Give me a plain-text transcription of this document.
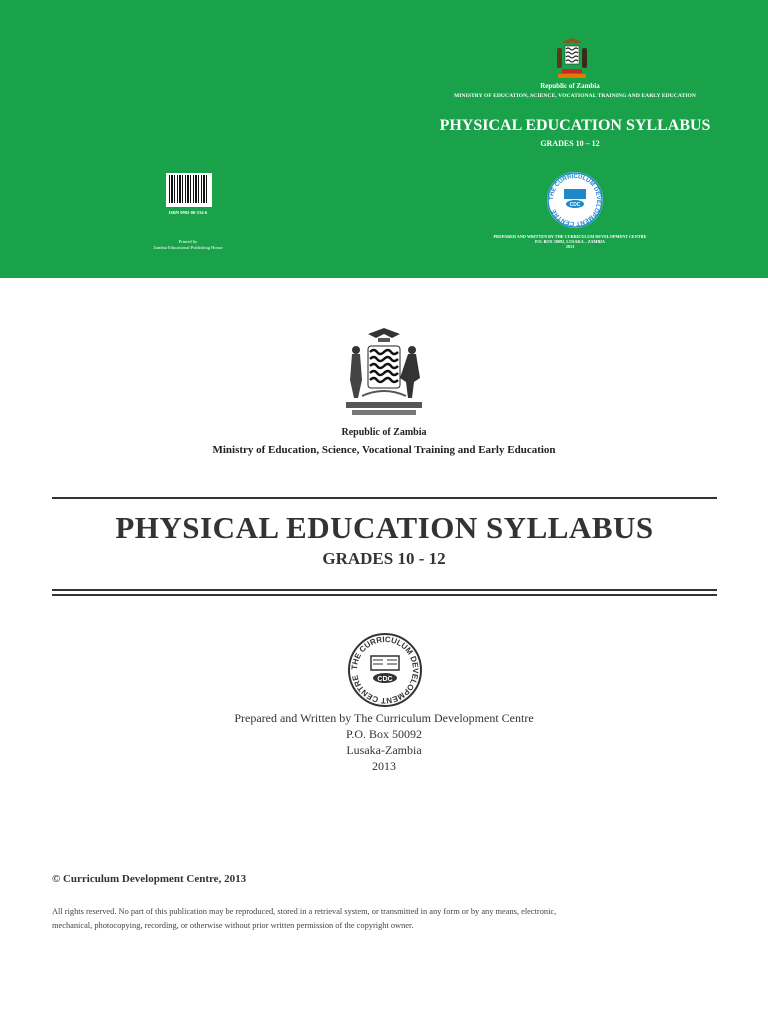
Republic of Zambia
MINISTRY OF EDUCATION, SCIENCE, VOCATIONAL TRAINING AND EARLY EDUCATION
PHYSICAL EDUCATION SYLLABUS
GRADES 10 – 12
ISBN 9982-00-534-6
Printed by
Zambia Educational Publishing House
THE CURRICULUM DEVELOPMENT CENTRE
CDC
PREPARED AND WRITTEN BY THE CURRICULUM DEVELOPMENT CENTRE
P.O. BOX 50092, LUSAKA – ZAMBIA
2013
Republic of Zambia
Ministry of Education, Science, Vocational Training and Early Education
PHYSICAL EDUCATION SYLLABUS
GRADES 10 - 12
THE CURRICULUM DEVELOPMENT CENTRE	CDC
Prepared and Written by The Curriculum Development Centre
P.O. Box 50092
Lusaka-Zambia
2013
© Curriculum Development Centre, 2013
All rights reserved. No part of this publication may be reproduced, stored in a retrieval system, or transmitted in any form or by any means, electronic,
mechanical, photocopying, recording, or otherwise without prior written permission of the copyright owner.
